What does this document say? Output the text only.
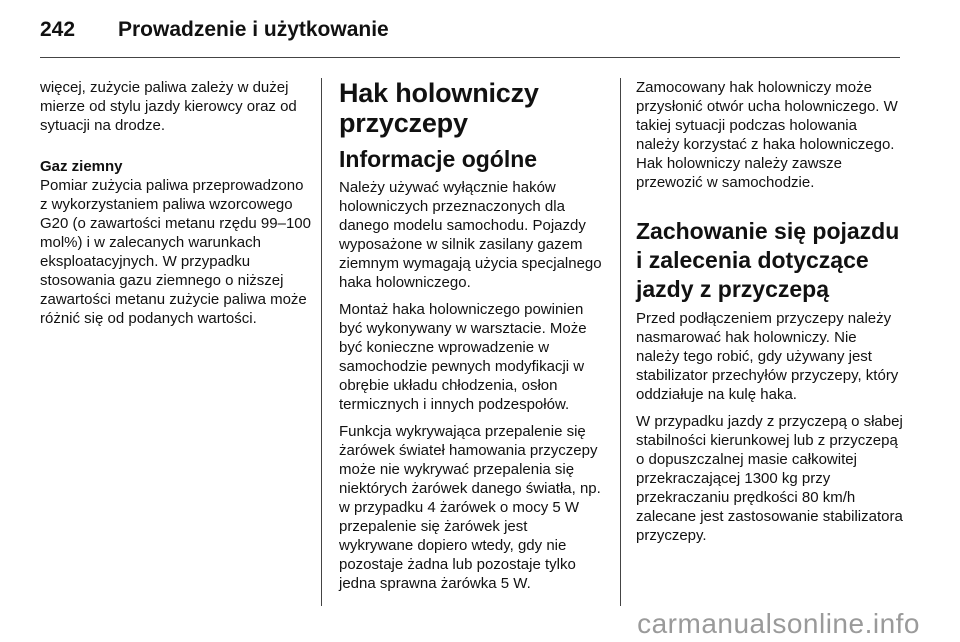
242 Prowadzenie i użytkowanie

więcej, zużycie paliwa zależy w dużej mierze od stylu jazdy kierowcy oraz od sytuacji na drodze.

Gaz ziemny

Pomiar zużycia paliwa przeprowadzono z wykorzystaniem paliwa wzorcowego G20 (o zawartości metanu rzędu 99–100 mol%) i w zalecanych warunkach eksploatacyjnych. W przypadku stosowania gazu ziemnego o niższej zawartości metanu zużycie paliwa może różnić się od podanych wartości.

Hak holowniczy przyczepy
Informacje ogólne

Należy używać wyłącznie haków holowniczych przeznaczonych dla danego modelu samochodu. Pojazdy wyposażone w silnik zasilany gazem ziemnym wymagają użycia specjalnego haka holowniczego.

Montaż haka holowniczego powinien być wykonywany w warsztacie. Może być konieczne wprowadzenie w samochodzie pewnych modyfikacji w obrębie układu chłodzenia, osłon termicznych i innych podzespołów.

Funkcja wykrywająca przepalenie się żarówek świateł hamowania przyczepy może nie wykrywać przepalenia się niektórych żarówek danego światła, np. w przypadku 4 żarówek o mocy 5 W przepalenie się żarówek jest wykrywane dopiero wtedy, gdy nie pozostaje żadna lub pozostaje tylko jedna sprawna żarówka 5 W.

Zamocowany hak holowniczy może przysłonić otwór ucha holowniczego. W takiej sytuacji podczas holowania należy korzystać z haka holowniczego. Hak holowniczy należy zawsze przewozić w samochodzie.

Zachowanie się pojazdu i zalecenia dotyczące jazdy z przyczepą

Przed podłączeniem przyczepy należy nasmarować hak holowniczy. Nie należy tego robić, gdy używany jest stabilizator przechyłów przyczepy, który oddziałuje na kulę haka.

W przypadku jazdy z przyczepą o słabej stabilności kierunkowej lub z przyczepą o dopuszczalnej masie całkowitej przekraczającej 1300 kg przy przekraczaniu prędkości 80 km/h zalecane jest zastosowanie stabilizatora przyczepy.

carmanualsonline.info
